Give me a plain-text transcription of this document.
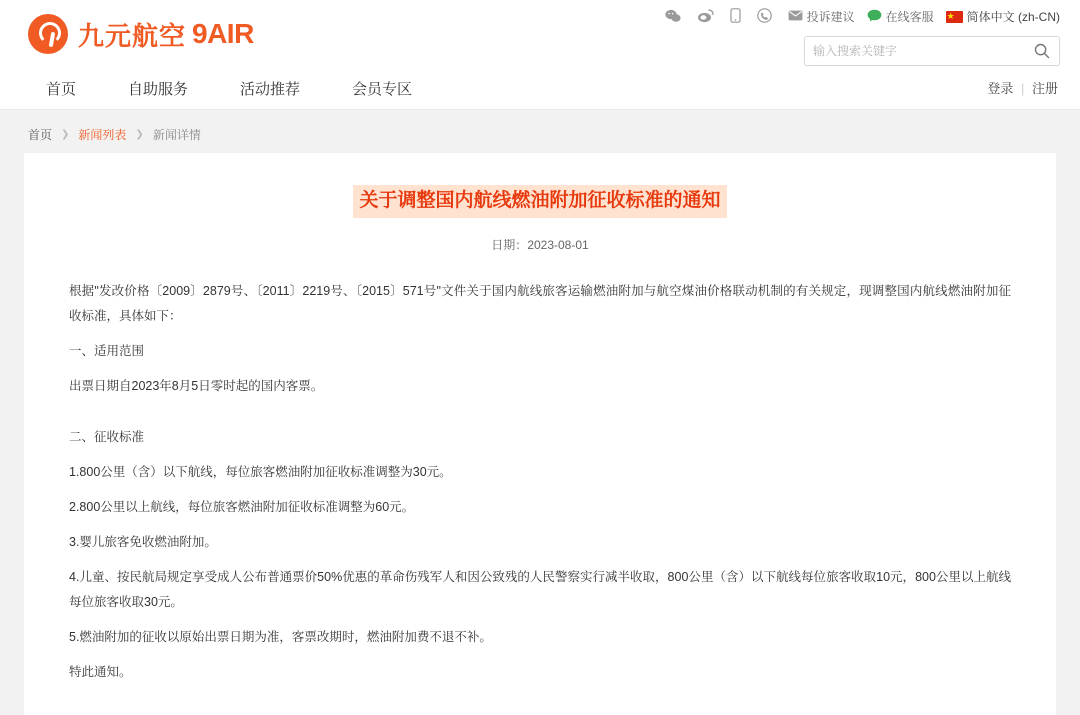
九元航空 9AIR
投诉建议	在线客服 ★	简体中文 (zh-CN)
输入搜索关键字
首页	自助服务	活动推荐	会员专区	登录 | 注册
首页 ❯ 新闻列表 ❯ 新闻详情
关于调整国内航线燃油附加征收标准的通知
日期：2023-08-01

根据"发改价格〔2009〕2879号、〔2011〕2219号、〔2015〕571号"文件关于国内航线旅客运输燃油附加与航空煤油价格联动机制的有关规定，现调整国内航线燃油附加征收标准，具体如下：

一、适用范围

出票日期自2023年8月5日零时起的国内客票。

二、征收标准

1.800公里（含）以下航线，每位旅客燃油附加征收标准调整为30元。

2.800公里以上航线，每位旅客燃油附加征收标准调整为60元。

3.婴儿旅客免收燃油附加。

4.儿童、按民航局规定享受成人公布普通票价50%优惠的革命伤残军人和因公致残的人民警察实行减半收取，800公里（含）以下航线每位旅客收取10元，800公里以上航线每位旅客收取30元。

5.燃油附加的征收以原始出票日期为准，客票改期时，燃油附加费不退不补。

特此通知。
